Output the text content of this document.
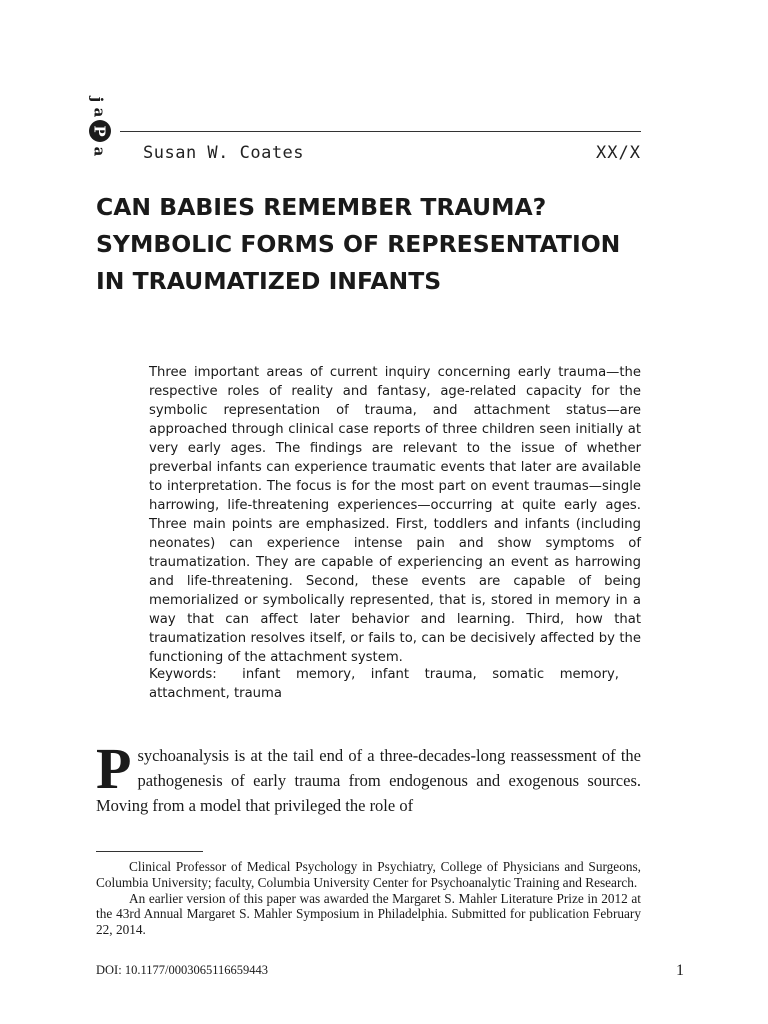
j
a
P
a Susan W. Coates	XX/X
CAN BABIES REMEMBER TRAUMA? SYMBOLIC FORMS OF REPRESENTATION IN TRAUMATIZED INFANTS

Three important areas of current inquiry concerning early trauma—the respective roles of reality and fantasy, age-related capacity for the symbolic representation of trauma, and attachment status—are approached through clinical case reports of three children seen initially at very early ages. The findings are relevant to the issue of whether preverbal infants can experience traumatic events that later are available to interpretation. The focus is for the most part on event traumas—single harrowing, life-threatening experiences—occurring at quite early ages. Three main points are emphasized. First, toddlers and infants (including neonates) can experience intense pain and show symptoms of traumatization. They are capable of experiencing an event as harrowing and life-threatening. Second, these events are capable of being memorialized or symbolically represented, that is, stored in memory in a way that can affect later behavior and learning. Third, how that traumatization resolves itself, or fails to, can be decisively affected by the functioning of the attachment system.

Keywords: infant memory, infant trauma, somatic memory, attachment, trauma

Psychoanalysis is at the tail end of a three-decades-long reassessment of the pathogenesis of early trauma from endogenous and exogenous sources. Moving from a model that privileged the role of

Clinical Professor of Medical Psychology in Psychiatry, College of Physicians and Surgeons, Columbia University; faculty, Columbia University Center for Psychoanalytic Training and Research.

An earlier version of this paper was awarded the Margaret S. Mahler Literature Prize in 2012 at the 43rd Annual Margaret S. Mahler Symposium in Philadelphia. Submitted for publication February 22, 2014.

DOI: 10.1177/0003065116659443	1
